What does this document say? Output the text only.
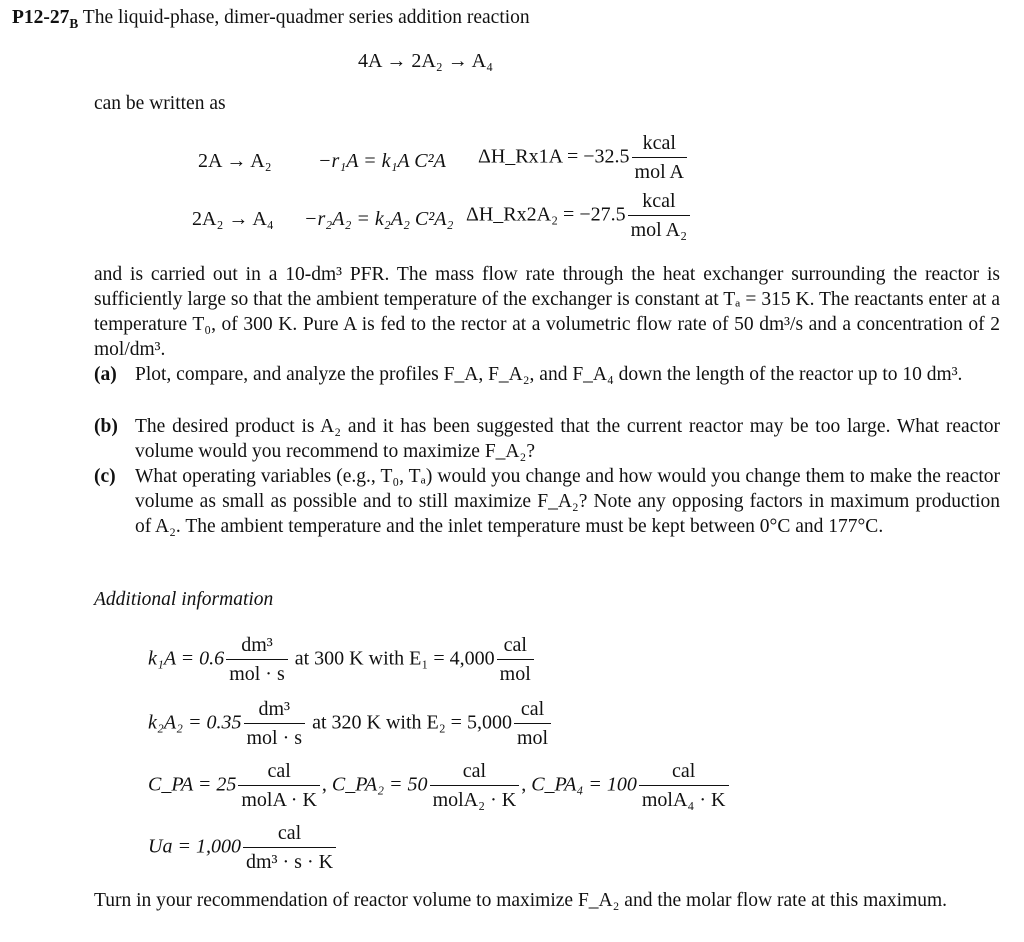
$P12-27_B$ The liquid-phase, dimer-quadmer series addition reaction
4A → 2A₂ → A₄
can be written as
2A → A₂ −r₁A = k₁A C²A ΔH_Rx1A = $-32.5 \frac{\text{kcal}}{\text{mol A}}$
2A₂ → A₄ −r₂A₂ = k₂A₂ C²A₂ ΔH_Rx2A₂ = $-27.5 \frac{\text{kcal}}{\text{mol A₂}}$
and is carried out in a 10-dm³ PFR. The mass flow rate through the heat exchanger surrounding the reactor is sufficiently large so that the ambient temperature of the exchanger is constant at Tₐ = 315 K. The reactants enter at a temperature T₀, of 300 K. Pure A is fed to the rector at a volumetric flow rate of 50 dm³/s and a concentration of 2 mol/dm³.
(a) Plot, compare, and analyze the profiles F_A, F_A₂, and F_A₄ down the length of the reactor up to 10 dm³.
(b) The desired product is A₂ and it has been suggested that the current reactor may be too large. What reactor volume would you recommend to maximize F_A₂?
(c) What operating variables (e.g., T₀, Tₐ) would you change and how would you change them to make the reactor volume as small as possible and to still maximize F_A₂? Note any opposing factors in maximum production of A₂. The ambient temperature and the inlet temperature must be kept between 0°C and 177°C.
Additional information
$k_1A = 0.6 \frac{\text{dm³}}{\text{mol · s}}$ at 300 K with $E_1 = 4,000 \frac{\text{cal}}{\text{mol}}$
$k_2A_2 = 0.35 \frac{\text{dm³}}{\text{mol · s}}$ at 320 K with $E_2 = 5,000 \frac{\text{cal}}{\text{mol}}$
C_PA = $25 \frac{\text{cal}}{\text{molA · K}}$ , C_PA₂ = $50 \frac{\text{cal}}{\text{molA₂ · K}}$ , C_PA₄ = $100 \frac{\text{cal}}{\text{molA₄ · K}}$
$Ua = 1,000 \frac{\text{cal}}{\text{dm³ · s · K}}$
Turn in your recommendation of reactor volume to maximize F_A₂ and the molar flow rate at this maximum.
